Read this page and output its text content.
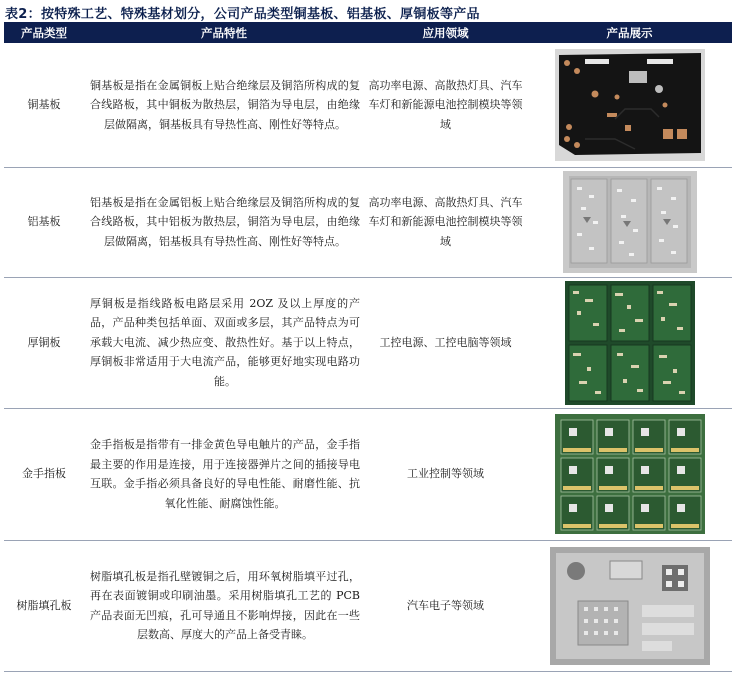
表2：按特殊工艺、特殊基材划分，公司产品类型铜基板、铝基板、厚铜板等产品
产品类型	产品特性	应用领域	产品展示
铜基板	铜基板是指在金属铜板上贴合绝缘层及铜箔所构成的复合线路板，其中铜板为散热层，铜箔为导电层，由绝缘层做隔离，铜基板具有导热性高、刚性好等特点。	高功率电源、高散热灯具、汽车车灯和新能源电池控制模块等领域	

铝基板	铝基板是指在金属铝板上贴合绝缘层及铜箔所构成的复合线路板，其中铝板为散热层，铜箔为导电层，由绝缘层做隔离，铝基板具有导热性高、刚性好等特点。	高功率电源、高散热灯具、汽车车灯和新能源电池控制模块等领域	

厚铜板	厚铜板是指线路板电路层采用 2OZ 及以上厚度的产品，产品种类包括单面、双面或多层，其产品特点为可承载大电流、减少热应变、散热性好。基于以上特点，厚铜板非常适用于大电流产品，能够更好地实现电路功能。	工控电源、工控电脑等领域	

金手指板	金手指板是指带有一排金黄色导电触片的产品，金手指最主要的作用是连接，用于连接器弹片之间的插接导电互联。金手指必须具备良好的导电性能、耐磨性能、抗氧化性能、耐腐蚀性能。	工业控制等领域	

树脂填孔板	树脂填孔板是指孔壁镀铜之后，用环氧树脂填平过孔，再在表面镀铜或印刷油墨。采用树脂填孔工艺的 PCB 产品表面无凹痕，孔可导通且不影响焊接，因此在一些层数高、厚度大的产品上备受青睐。	汽车电子等领域	
